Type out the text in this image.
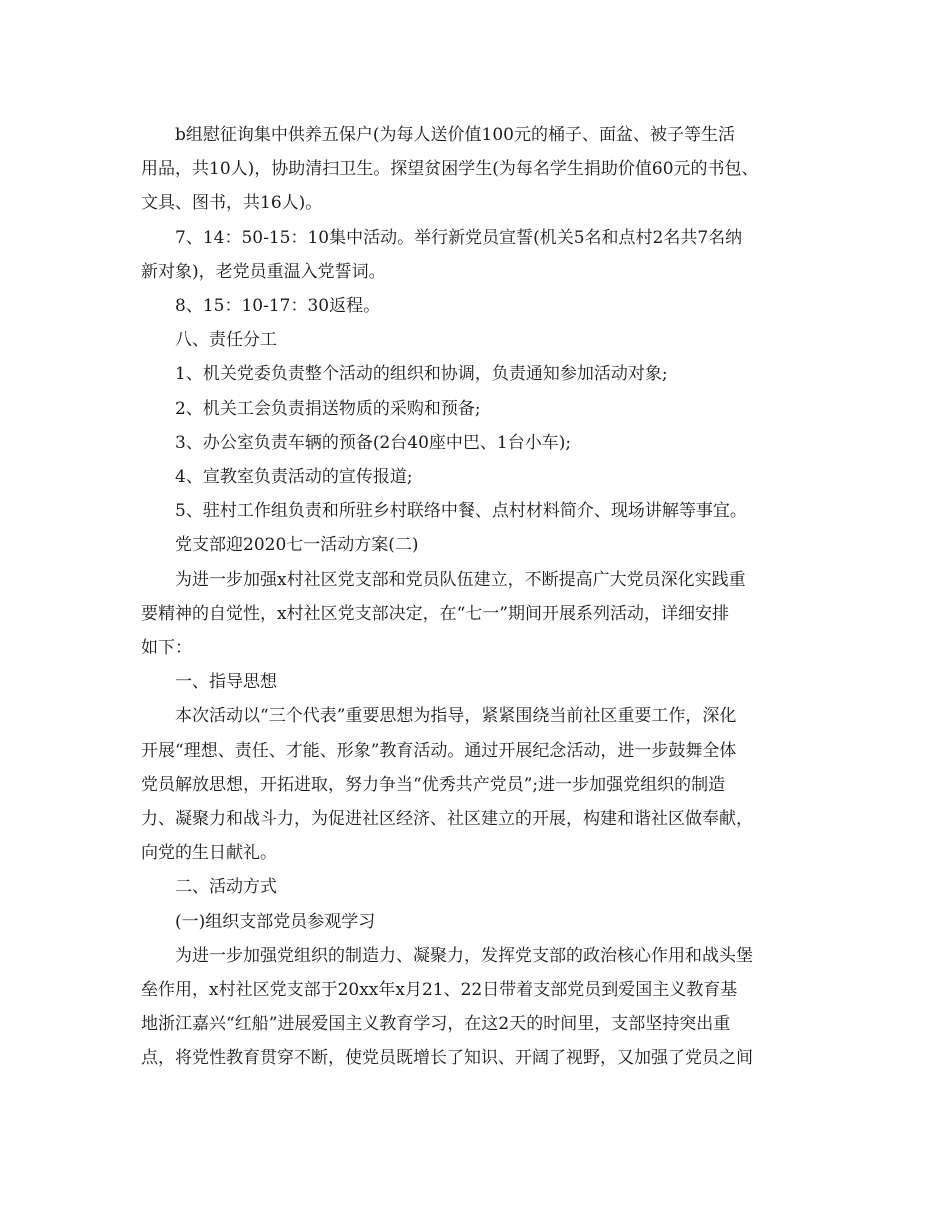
b组慰征询集中供养五保户(为每人送价值100元的桶子、面盆、被子等生活
用品，共10人)，协助清扫卫生。探望贫困学生(为每名学生捐助价值60元的书包、
文具、图书，共16人)。
7、14：50-15：10集中活动。举行新党员宣誓(机关5名和点村2名共7名纳
新对象)，老党员重温入党誓词。
8、15：10-17：30返程。
八、责任分工
1、机关党委负责整个活动的组织和协调，负责通知参加活动对象;
2、机关工会负责捐送物质的采购和预备;
3、办公室负责车辆的预备(2台40座中巴、1台小车);
4、宣教室负责活动的宣传报道;
5、驻村工作组负责和所驻乡村联络中餐、点村材料简介、现场讲解等事宜。
党支部迎2020七一活动方案(二)
为进一步加强x村社区党支部和党员队伍建立，不断提高广大党员深化实践重
要精神的自觉性，x村社区党支部决定，在“七一”期间开展系列活动，详细安排
如下：
一、指导思想
本次活动以“三个代表”重要思想为指导，紧紧围绕当前社区重要工作，深化
开展“理想、责任、才能、形象”教育活动。通过开展纪念活动，进一步鼓舞全体
党员解放思想，开拓进取，努力争当“优秀共产党员”;进一步加强党组织的制造
力、凝聚力和战斗力，为促进社区经济、社区建立的开展，构建和谐社区做奉献，
向党的生日献礼。
二、活动方式
(一)组织支部党员参观学习
为进一步加强党组织的制造力、凝聚力，发挥党支部的政治核心作用和战头堡
垒作用，x村社区党支部于20xx年x月21、22日带着支部党员到爱国主义教育基
地浙江嘉兴“红船”进展爱国主义教育学习，在这2天的时间里，支部坚持突出重
点，将党性教育贯穿不断，使党员既增长了知识、开阔了视野，又加强了党员之间
